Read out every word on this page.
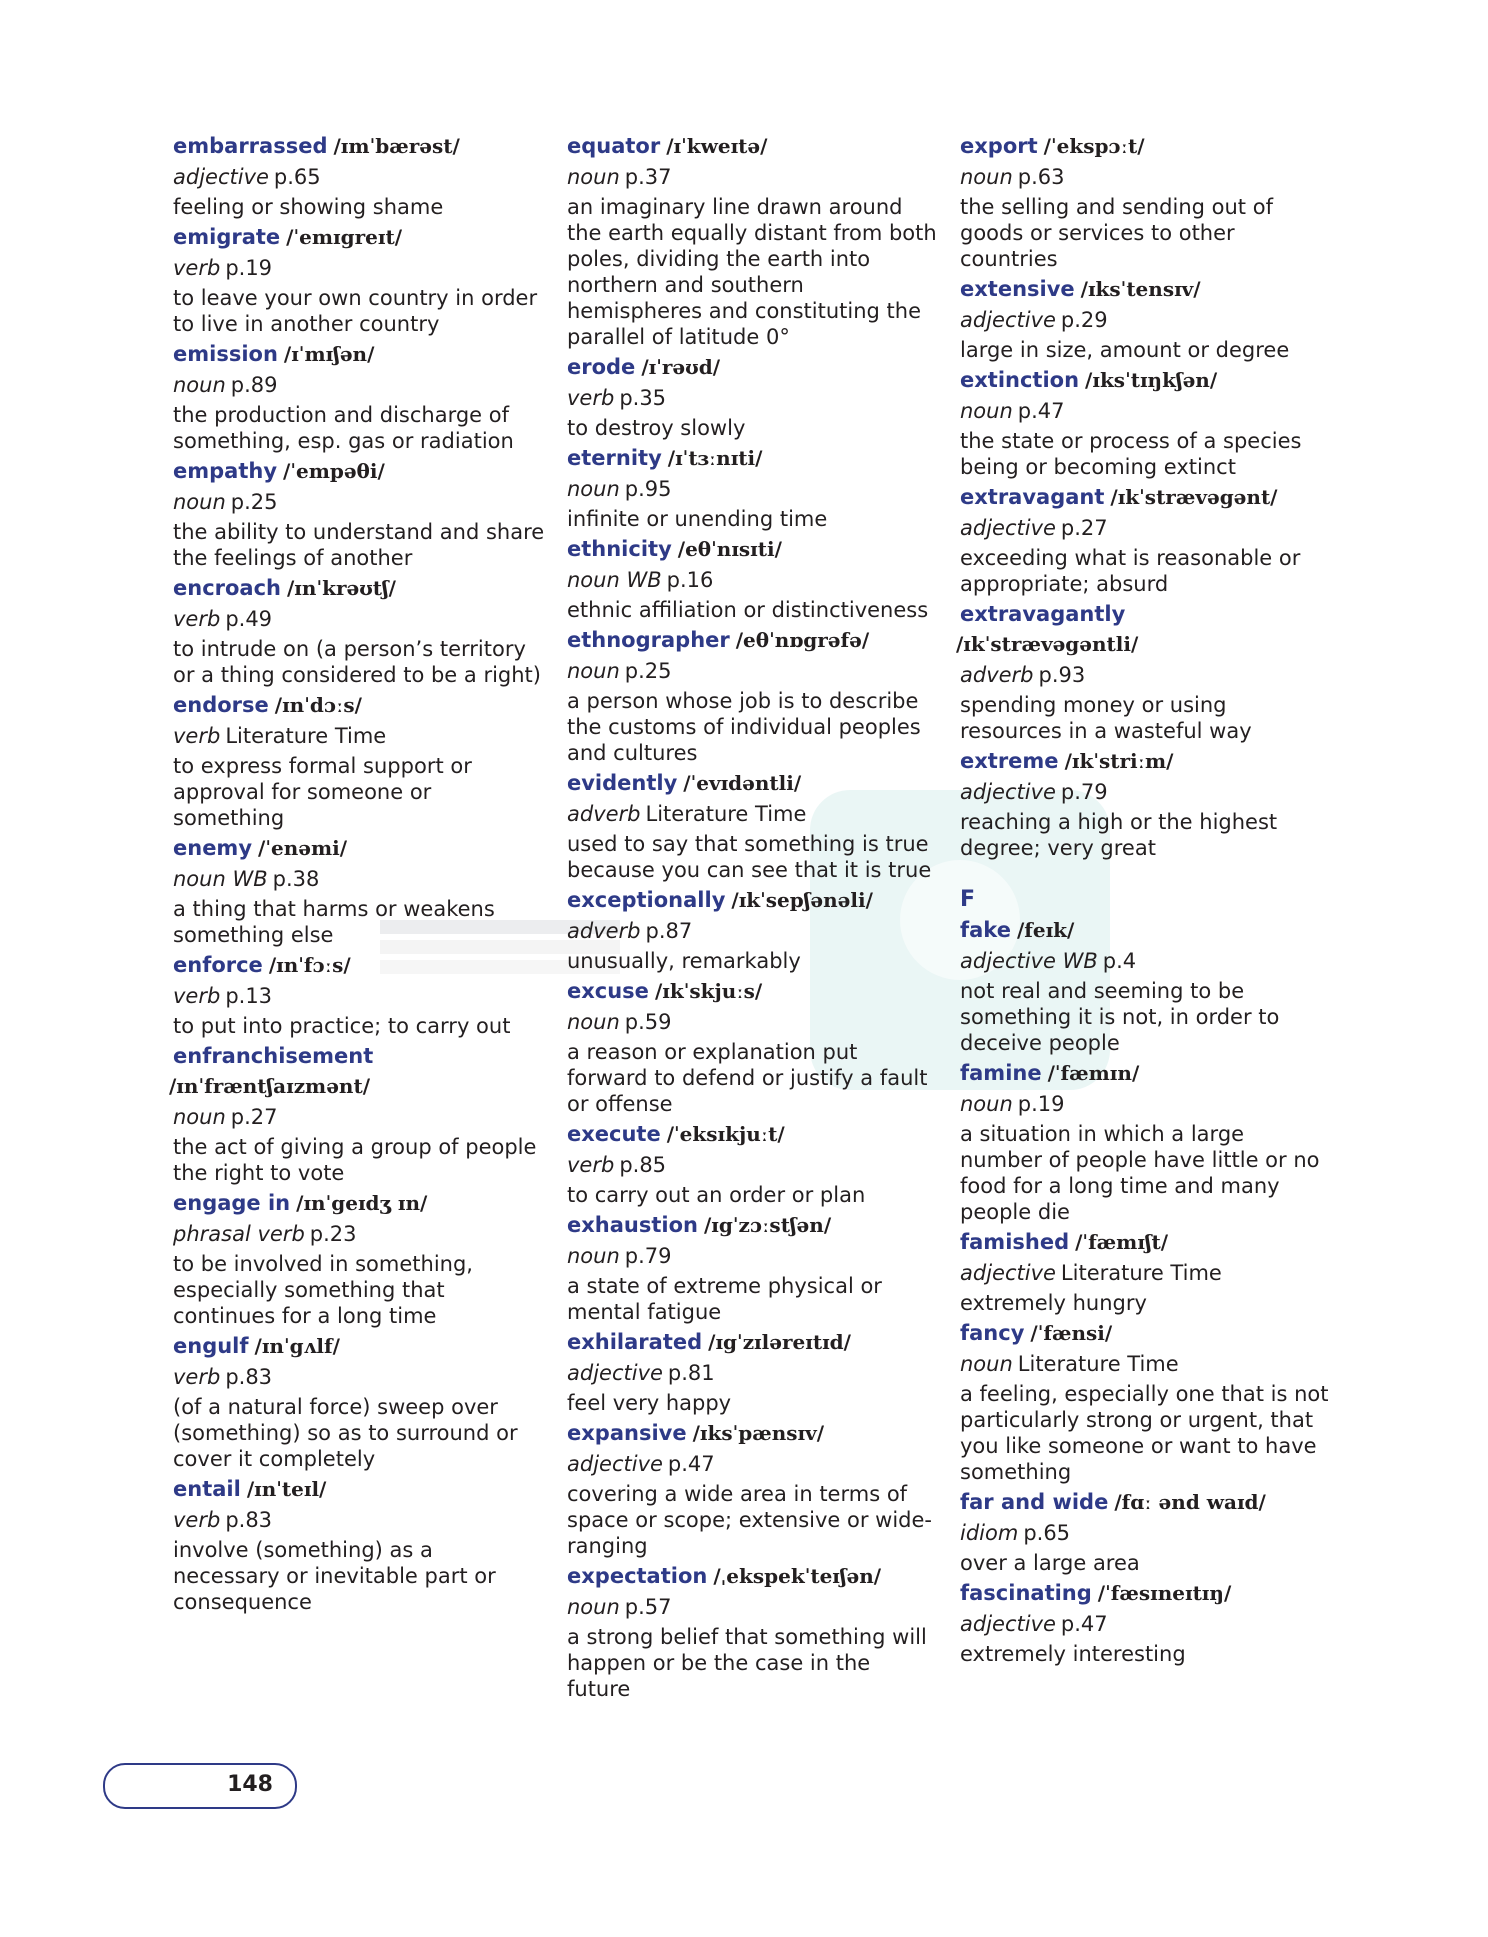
embarrassed /ɪmˈbærəst/
adjective p.65
feeling or showing shame
emigrate /ˈemɪgreɪt/
verb p.19
to leave your own country in order to live in another country
emission /ɪˈmɪʃən/
noun p.89
the production and discharge of something, esp. gas or radiation
empathy /ˈempəθi/
noun p.25
the ability to understand and share the feelings of another
encroach /ɪnˈkrəʊtʃ/
verb p.49
to intrude on (a person’s territory or a thing considered to be a right)
endorse /ɪnˈdɔːs/
verb Literature Time
to express formal support or approval for someone or something
enemy /ˈenəmi/
noun WB p.38
a thing that harms or weakens something else
enforce /ɪnˈfɔːs/
verb p.13
to put into practice; to carry out
enfranchisement
/ɪnˈfræntʃaɪzmənt/
noun p.27
the act of giving a group of people the right to vote
engage in /ɪnˈgeɪdʒ ɪn/
phrasal verb p.23
to be involved in something, especially something that continues for a long time
engulf /ɪnˈgʌlf/
verb p.83
(of a natural force) sweep over (something) so as to surround or cover it completely
entail /ɪnˈteɪl/
verb p.83
involve (something) as a necessary or inevitable part or consequence
equator /ɪˈkweɪtə/
noun p.37
an imaginary line drawn around the earth equally distant from both poles, dividing the earth into northern and southern hemispheres and constituting the parallel of latitude 0°
erode /ɪˈrəʊd/
verb p.35
to destroy slowly
eternity /ɪˈtɜːnɪti/
noun p.95
infinite or unending time
ethnicity /eθˈnɪsɪti/
noun WB p.16
ethnic affiliation or distinctiveness
ethnographer /eθˈnɒgrəfə/
noun p.25
a person whose job is to describe the customs of individual peoples and cultures
evidently /ˈevɪdəntli/
adverb Literature Time
used to say that something is true because you can see that it is true
exceptionally /ɪkˈsepʃənəli/
adverb p.87
unusually, remarkably
excuse /ɪkˈskjuːs/
noun p.59
a reason or explanation put forward to defend or justify a fault or offense
execute /ˈeksɪkjuːt/
verb p.85
to carry out an order or plan
exhaustion /ɪgˈzɔːstʃən/
noun p.79
a state of extreme physical or mental fatigue
exhilarated /ɪgˈzɪləreɪtɪd/
adjective p.81
feel very happy
expansive /ɪksˈpænsɪv/
adjective p.47
covering a wide area in terms of space or scope; extensive or wide-ranging
expectation /ˌekspekˈteɪʃən/
noun p.57
a strong belief that something will happen or be the case in the future
export /ˈekspɔːt/
noun p.63
the selling and sending out of goods or services to other countries
extensive /ɪksˈtensɪv/
adjective p.29
large in size, amount or degree
extinction /ɪksˈtɪŋkʃən/
noun p.47
the state or process of a species being or becoming extinct
extravagant /ɪkˈstrævəgənt/
adjective p.27
exceeding what is reasonable or appropriate; absurd
extravagantly
/ɪkˈstrævəgəntli/
adverb p.93
spending money or using resources in a wasteful way
extreme /ɪkˈstriːm/
adjective p.79
reaching a high or the highest degree; very great
F
fake /feɪk/
adjective WB p.4
not real and seeming to be something it is not, in order to deceive people
famine /ˈfæmɪn/
noun p.19
a situation in which a large number of people have little or no food for a long time and many people die
famished /ˈfæmɪʃt/
adjective Literature Time
extremely hungry
fancy /ˈfænsi/
noun Literature Time
a feeling, especially one that is not particularly strong or urgent, that you like someone or want to have something
far and wide /fɑː ənd waɪd/
idiom p.65
over a large area
fascinating /ˈfæsɪneɪtɪŋ/
adjective p.47
extremely interesting
148
